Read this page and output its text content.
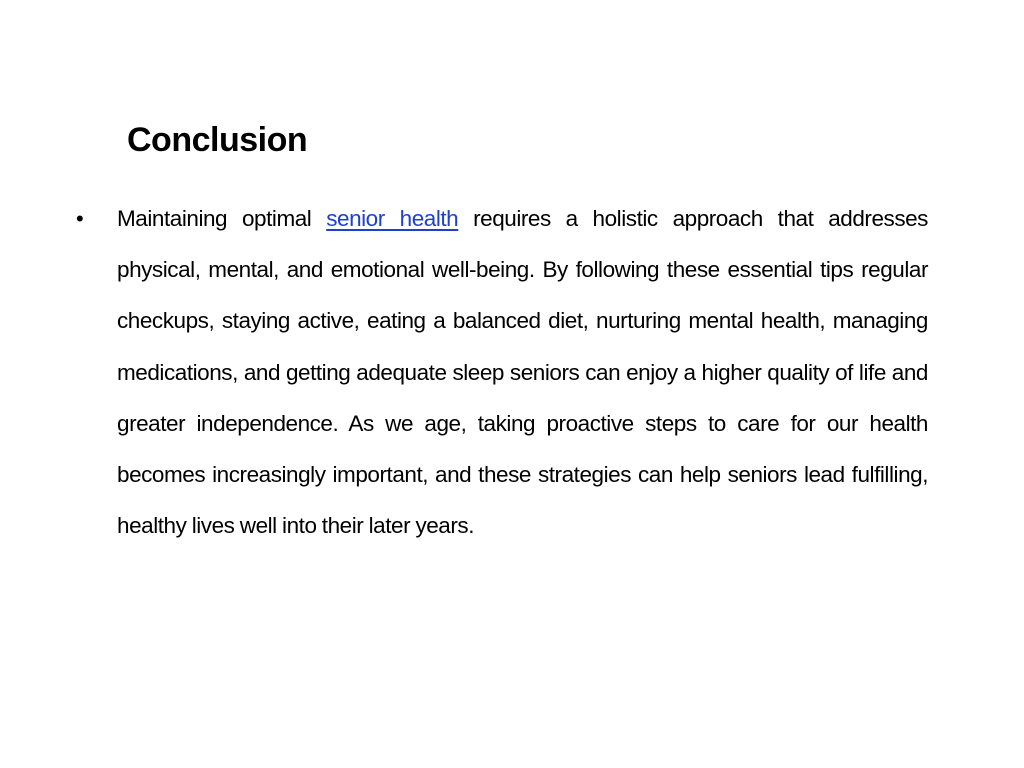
Conclusion
• Maintaining optimal senior health requires a holistic approach that addresses physical, mental, and emotional well-being. By following these essential tips regular checkups, staying active, eating a balanced diet, nurturing mental health, managing medications, and getting adequate sleep seniors can enjoy a higher quality of life and greater independence. As we age, taking proactive steps to care for our health becomes increasingly important, and these strategies can help seniors lead fulfilling, healthy lives well into their later years.
